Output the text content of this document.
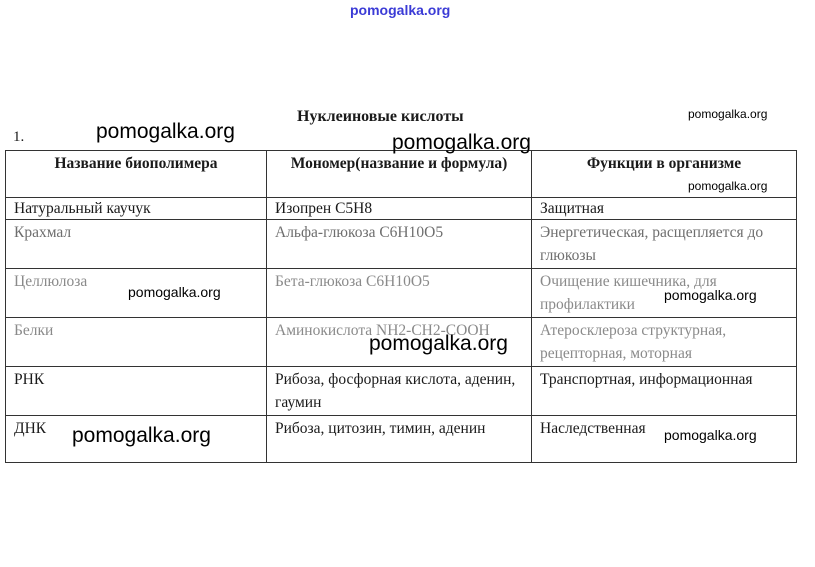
pomogalka.org
Нуклеиновые кислоты
1.
Название биополимера	Мономер(название и формула)	Функции в организме
Натуральный каучук	Изопрен С5Н8	Защитная
Крахмал	Альфа-глюкоза С6Н10О5	Энергетическая, расщепляется до глюкозы
Целлюлоза	Бета-глюкоза С6Н10О5	Очищение кишечника, для профилактики
Белки	Аминокислота NH2-CH2-COOH	Атеросклероза структурная, рецепторная, моторная
РНК	Рибоза, фосфорная кислота, аденин, гаумин	Транспортная, информационная
ДНК	Рибоза, цитозин, тимин, аденин	Наследственная
pomogalka.org
pomogalka.org	pomogalka.org
pomogalka.org
pomogalka.org	pomogalka.org
pomogalka.org
pomogalka.org	pomogalka.org
